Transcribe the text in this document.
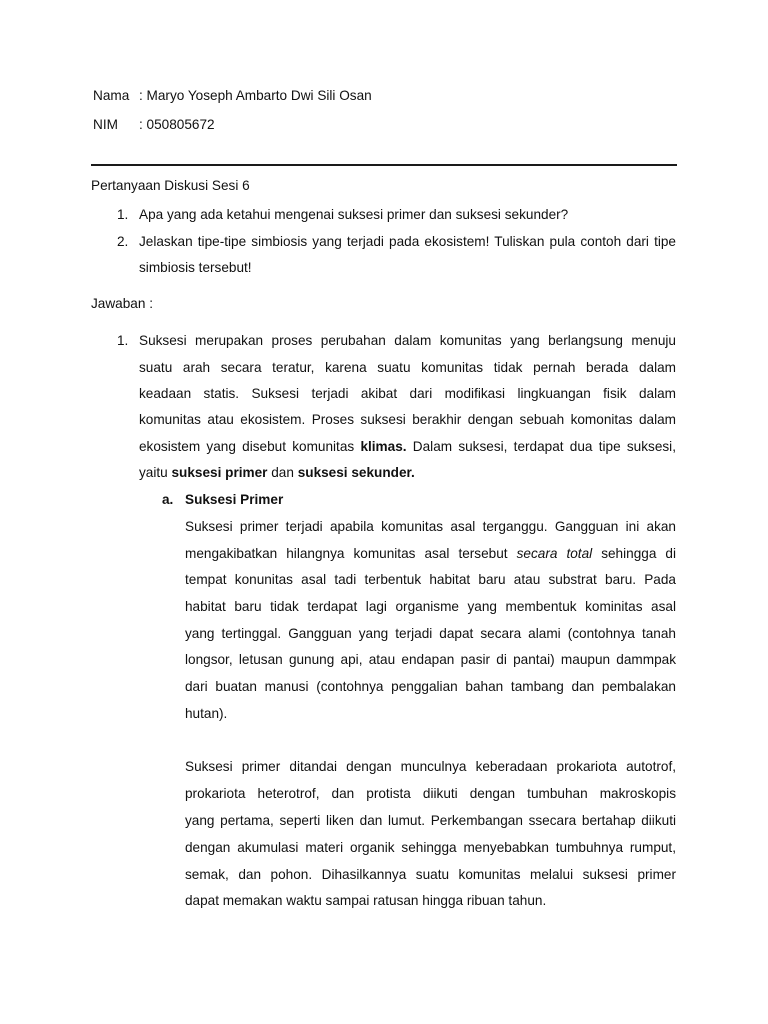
Nama : Maryo Yoseph Ambarto Dwi Sili Osan
NIM : 050805672
Pertanyaan Diskusi Sesi 6
1. Apa yang ada ketahui mengenai suksesi primer dan suksesi sekunder?
2. Jelaskan tipe-tipe simbiosis yang terjadi pada ekosistem! Tuliskan pula contoh dari tipe
simbiosis tersebut!
Jawaban :
1. Suksesi merupakan proses perubahan dalam komunitas yang berlangsung menuju
suatu arah secara teratur, karena suatu komunitas tidak pernah berada dalam
keadaan statis. Suksesi terjadi akibat dari modifikasi lingkuangan fisik dalam
komunitas atau ekosistem. Proses suksesi berakhir dengan sebuah komonitas dalam
ekosistem yang disebut komunitas klimas. Dalam suksesi, terdapat dua tipe suksesi,
yaitu suksesi primer dan suksesi sekunder.
a. Suksesi Primer
Suksesi primer terjadi apabila komunitas asal terganggu. Gangguan ini akan
mengakibatkan hilangnya komunitas asal tersebut secara total sehingga di
tempat konunitas asal tadi terbentuk habitat baru atau substrat baru. Pada
habitat baru tidak terdapat lagi organisme yang membentuk kominitas asal
yang tertinggal. Gangguan yang terjadi dapat secara alami (contohnya tanah
longsor, letusan gunung api, atau endapan pasir di pantai) maupun dammpak
dari buatan manusi (contohnya penggalian bahan tambang dan pembalakan
hutan).
Suksesi primer ditandai dengan munculnya keberadaan prokariota autotrof,
prokariota heterotrof, dan protista diikuti dengan tumbuhan makroskopis
yang pertama, seperti liken dan lumut. Perkembangan ssecara bertahap diikuti
dengan akumulasi materi organik sehingga menyebabkan tumbuhnya rumput,
semak, dan pohon. Dihasilkannya suatu komunitas melalui suksesi primer
dapat memakan waktu sampai ratusan hingga ribuan tahun.
